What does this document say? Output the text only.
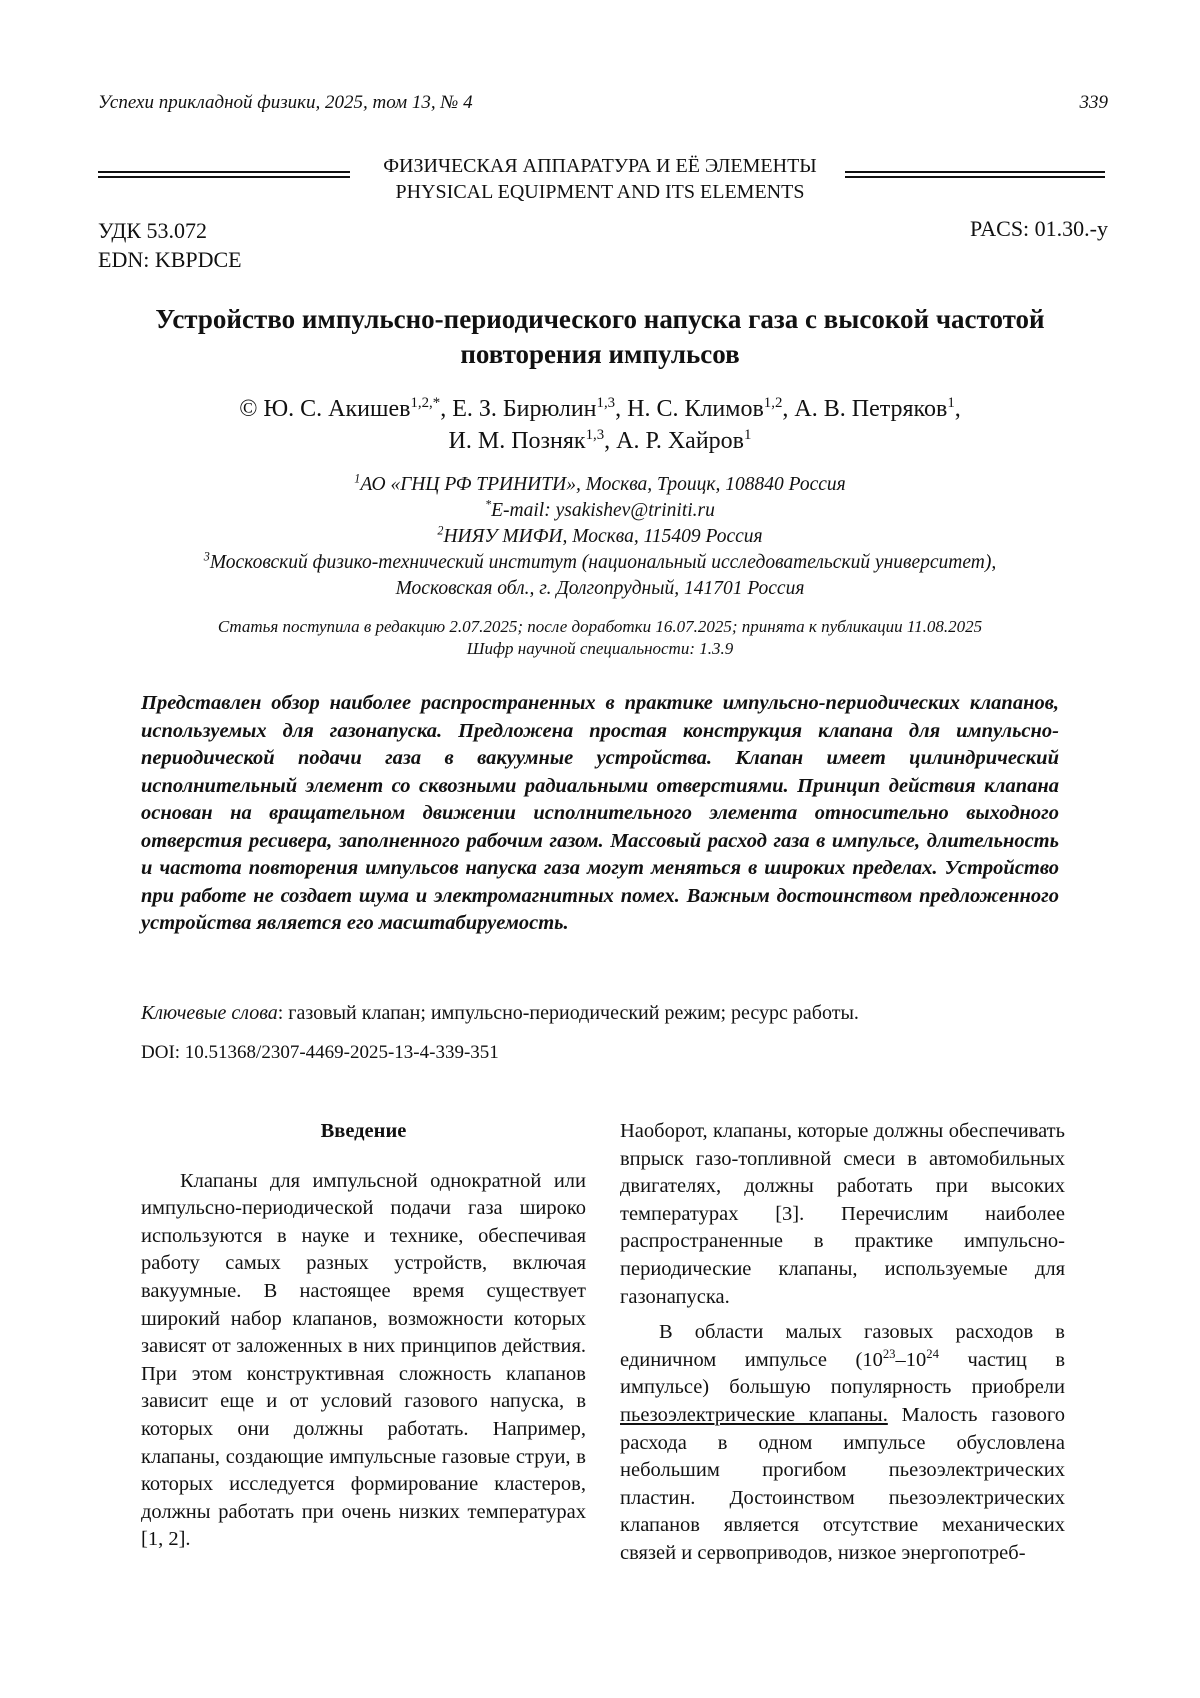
Успехи прикладной физики, 2025, том 13, № 4	339
ФИЗИЧЕСКАЯ АППАРАТУРА И ЕЁ ЭЛЕМЕНТЫ
PHYSICAL EQUIPMENT AND ITS ELEMENTS
УДК 53.072
EDN: KBPDCE
PACS: 01.30.-y
Устройство импульсно-периодического напуска газа с высокой частотой повторения импульсов
© Ю. С. Акишев$^{1,2,*}$, Е. З. Бирюлин$^{1,3}$, Н. С. Климов$^{1,2}$, А. В. Петряков$^1$,
И. М. Позняк$^{1,3}$, А. Р. Хайров$^1$
$^1$АО «ГНЦ РФ ТРИНИТИ», Москва, Троицк, 108840 Россия
*E-mail: ysakishev@triniti.ru
$^2$НИЯУ МИФИ, Москва, 115409 Россия
$^3$Московский физико-технический институт (национальный исследовательский университет),
Московская обл., г. Долгопрудный, 141701 Россия
Статья поступила в редакцию 2.07.2025; после доработки 16.07.2025; принята к публикации 11.08.2025
Шифр научной специальности: 1.3.9
Представлен обзор наиболее распространенных в практике импульсно-периодических клапанов, используемых для газонапуска. Предложена простая конструкция клапана для импульсно-периодической подачи газа в вакуумные устройства. Клапан имеет цилиндрический исполнительный элемент со сквозными радиальными отверстиями. Принцип действия клапана основан на вращательном движении исполнительного элемента относительно выходного отверстия ресивера, заполненного рабочим газом. Массовый расход газа в импульсе, длительность и частота повторения импульсов напуска газа могут меняться в широких пределах. Устройство при работе не создает шума и электромагнитных помех. Важным достоинством предложенного устройства является его масштабируемость.
Ключевые слова: газовый клапан; импульсно-периодический режим; ресурс работы.
DOI: 10.51368/2307-4469-2025-13-4-339-351
Введение

Клапаны для импульсной однократной или импульсно-периодической подачи газа широко используются в науке и технике, обеспечивая работу самых разных устройств, включая вакуумные. В настоящее время существует широкий набор клапанов, возможности которых зависят от заложенных в них принципов действия. При этом конструктивная сложность клапанов зависит еще и от условий газового напуска, в которых они должны работать. Например, клапаны, создающие импульсные газовые струи, в которых исследуется формирование кластеров, должны работать при очень низких температурах [1, 2].

Наоборот, клапаны, которые должны обеспечивать впрыск газо-топливной смеси в автомобильных двигателях, должны работать при высоких температурах [3]. Перечислим наиболее распространенные в практике импульсно-периодические клапаны, используемые для газонапуска.

В области малых газовых расходов в единичном импульсе ($10^{23}-10^{24}$ частиц в импульсе) большую популярность приобрели пьезоэлектрические клапаны. Малость газового расхода в одном импульсе обусловлена небольшим прогибом пьезоэлектрических пластин. Достоинством пьезоэлектрических клапанов является отсутствие механических связей и сервоприводов, низкое энергопотреб-
